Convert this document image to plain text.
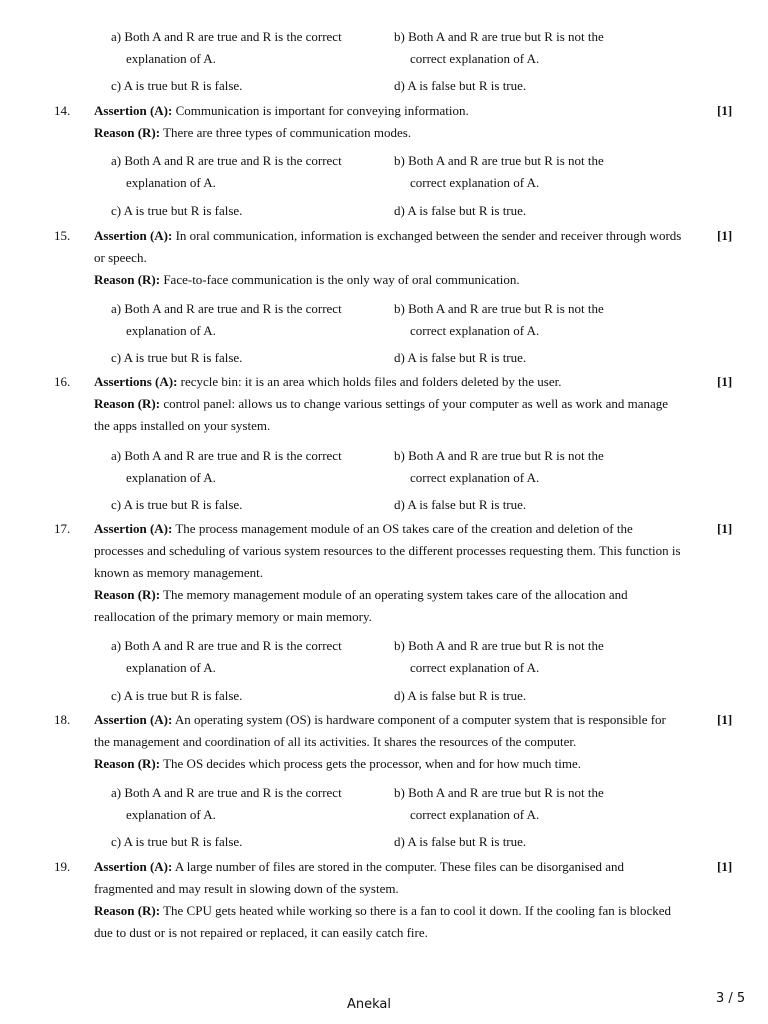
a) Both A and R are true and R is the correct
explanation of A.
b) Both A and R are true but R is not the
correct explanation of A.
c) A is true but R is false.	d) A is false but R is true.
14.	[1]
Assertion (A): Communication is important for conveying information.
Reason (R): There are three types of communication modes.
a) Both A and R are true and R is the correct
explanation of A.
b) Both A and R are true but R is not the
correct explanation of A.
c) A is true but R is false.	d) A is false but R is true.
15.	[1]
Assertion (A): In oral communication, information is exchanged between the sender and receiver through words
or speech.
Reason (R): Face-to-face communication is the only way of oral communication.
a) Both A and R are true and R is the correct
explanation of A.
b) Both A and R are true but R is not the
correct explanation of A.
c) A is true but R is false.	d) A is false but R is true.
16.	[1]
Assertions (A): recycle bin: it is an area which holds files and folders deleted by the user.
Reason (R): control panel: allows us to change various settings of your computer as well as work and manage
the apps installed on your system.
a) Both A and R are true and R is the correct
explanation of A.
b) Both A and R are true but R is not the
correct explanation of A.
c) A is true but R is false.	d) A is false but R is true.
17.	[1]
Assertion (A): The process management module of an OS takes care of the creation and deletion of the
processes and scheduling of various system resources to the different processes requesting them. This function is
known as memory management.
Reason (R): The memory management module of an operating system takes care of the allocation and
reallocation of the primary memory or main memory.
a) Both A and R are true and R is the correct
explanation of A.
b) Both A and R are true but R is not the
correct explanation of A.
c) A is true but R is false.	d) A is false but R is true.
18.	[1]
Assertion (A): An operating system (OS) is hardware component of a computer system that is responsible for
the management and coordination of all its activities. It shares the resources of the computer.
Reason (R): The OS decides which process gets the processor, when and for how much time.
a) Both A and R are true and R is the correct
explanation of A.
b) Both A and R are true but R is not the
correct explanation of A.
c) A is true but R is false.	d) A is false but R is true.
19.	[1]
Assertion (A): A large number of files are stored in the computer. These files can be disorganised and
fragmented and may result in slowing down of the system.
Reason (R): The CPU gets heated while working so there is a fan to cool it down. If the cooling fan is blocked
due to dust or is not repaired or replaced, it can easily catch fire.
Anekal	3 / 5
